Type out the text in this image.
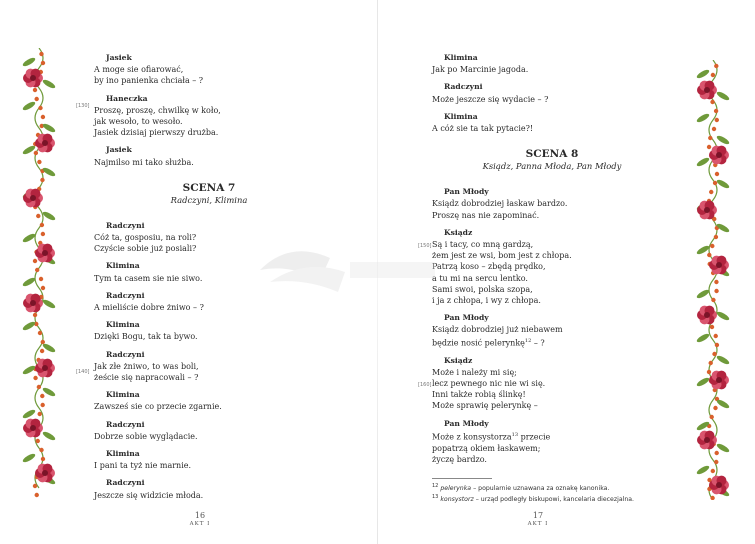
Jasiek
A moge sie ofiarować,
by ino panienka chciała – ?
Haneczka
Proszę, proszę, chwilkę w koło,
jak wesoło, to wesoło.
Jasiek dzisiaj pierwszy drużba.
Jasiek
Najmilso mi tako służba.
SCENA 7
Radczyni, Klimina
Radczyni
Cóż ta, gosposiu, na roli?
Czyście sobie już posiali?
Klimina
Tym ta casem sie nie siwo.
Radczyni
A mieliście dobre żniwo – ?
Klimina
Dzięki Bogu, tak ta bywo.
Radczyni
Jak złe żniwo, to was boli,
żeście się napracowali – ?
Klimina
Zawsześ sie co przecie zgarnie.
Radczyni
Dobrze sobie wyglądacie.
Klimina
I pani ta tyż nie marnie.
Radczyni
Jeszcze się widzicie młoda.
[130]
[140]
16
AKT I
Klimina
Jak po Marcinie jagoda.
Radczyni
Może jeszcze się wydacie – ?
Klimina
A cóż sie ta tak pytacie?!
SCENA 8
Ksiądz, Panna Młoda, Pan Młody
Pan Młody
Ksiądz dobrodziej łaskaw bardzo.
Proszę nas nie zapominać.
Ksiądz
Są i tacy, co mną gardzą,
żem jest ze wsi, bom jest z chłopa.
Patrzą koso – zbędą prędko,
a tu mi na sercu lentko.
Sami swoi, polska szopa,
i ja z chłopa, i wy z chłopa.
Pan Młody
Ksiądz dobrodziej już niebawem
będzie nosić pelerynkę$^{12}$ – ?
Ksiądz
Może i należy mi się;
lecz pewnego nic nie wi się.
Inni także robią ślinkę!
Może sprawię pelerynkę –
Pan Młody
Może z konsystorza$^{13}$ przecie
popatrzą okiem łaskawem;
życzę bardzo.
[150]
[160]
$^{12}$ pelerynka – popularnie uznawana za oznakę kanonika.
$^{13}$ konsystorz – urząd podległy biskupowi, kancelaria diecezjalna.
17
AKT I
